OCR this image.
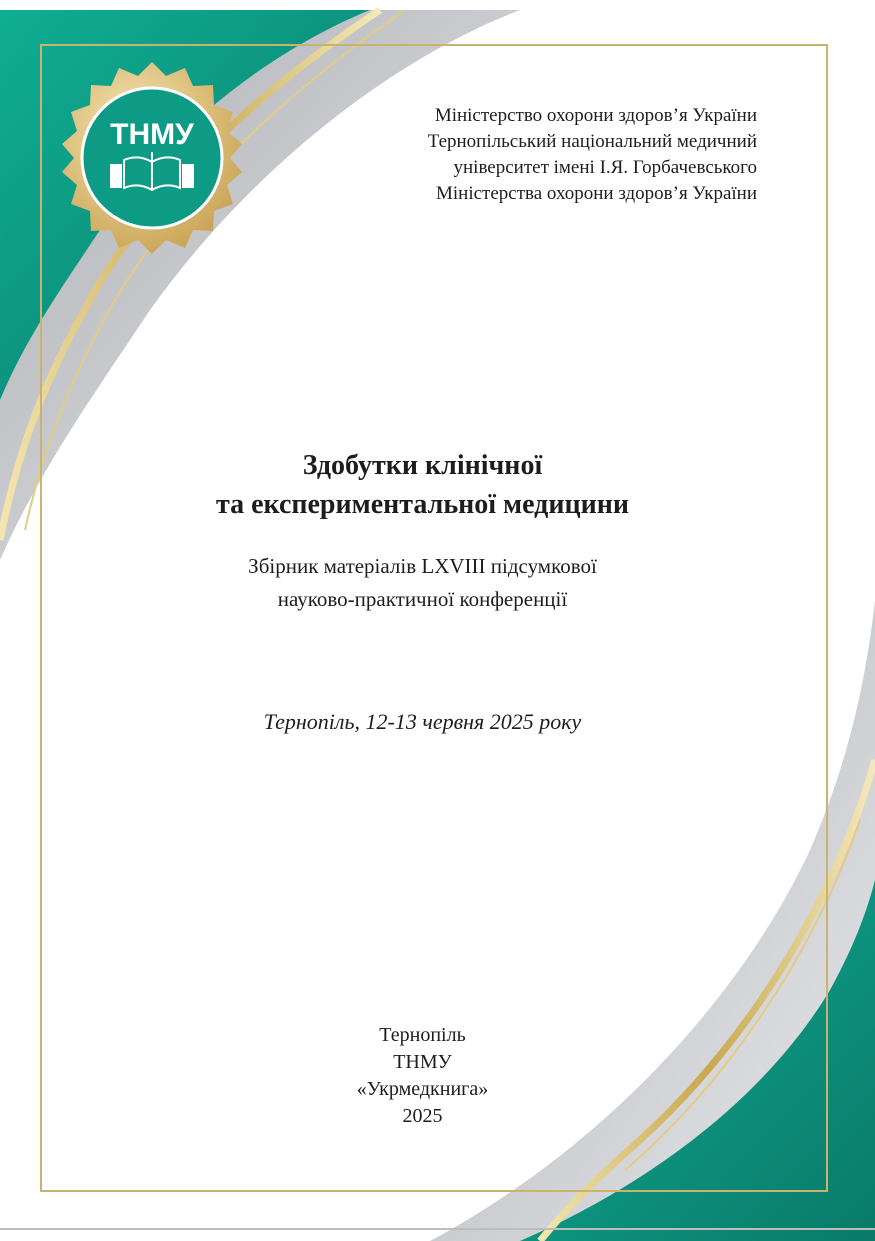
ТНМУ
Міністерство охорони здоров’я України
Тернопільський національний медичний
університет імені І.Я. Горбачевського
Міністерства охорони здоров’я України
Здобутки клінічної
та експериментальної медицини
Збірник матеріалів LXVIII підсумкової
науково-практичної конференції
Тернопіль, 12-13 червня 2025 року
Тернопіль
ТНМУ
«Укрмедкнига»
2025
